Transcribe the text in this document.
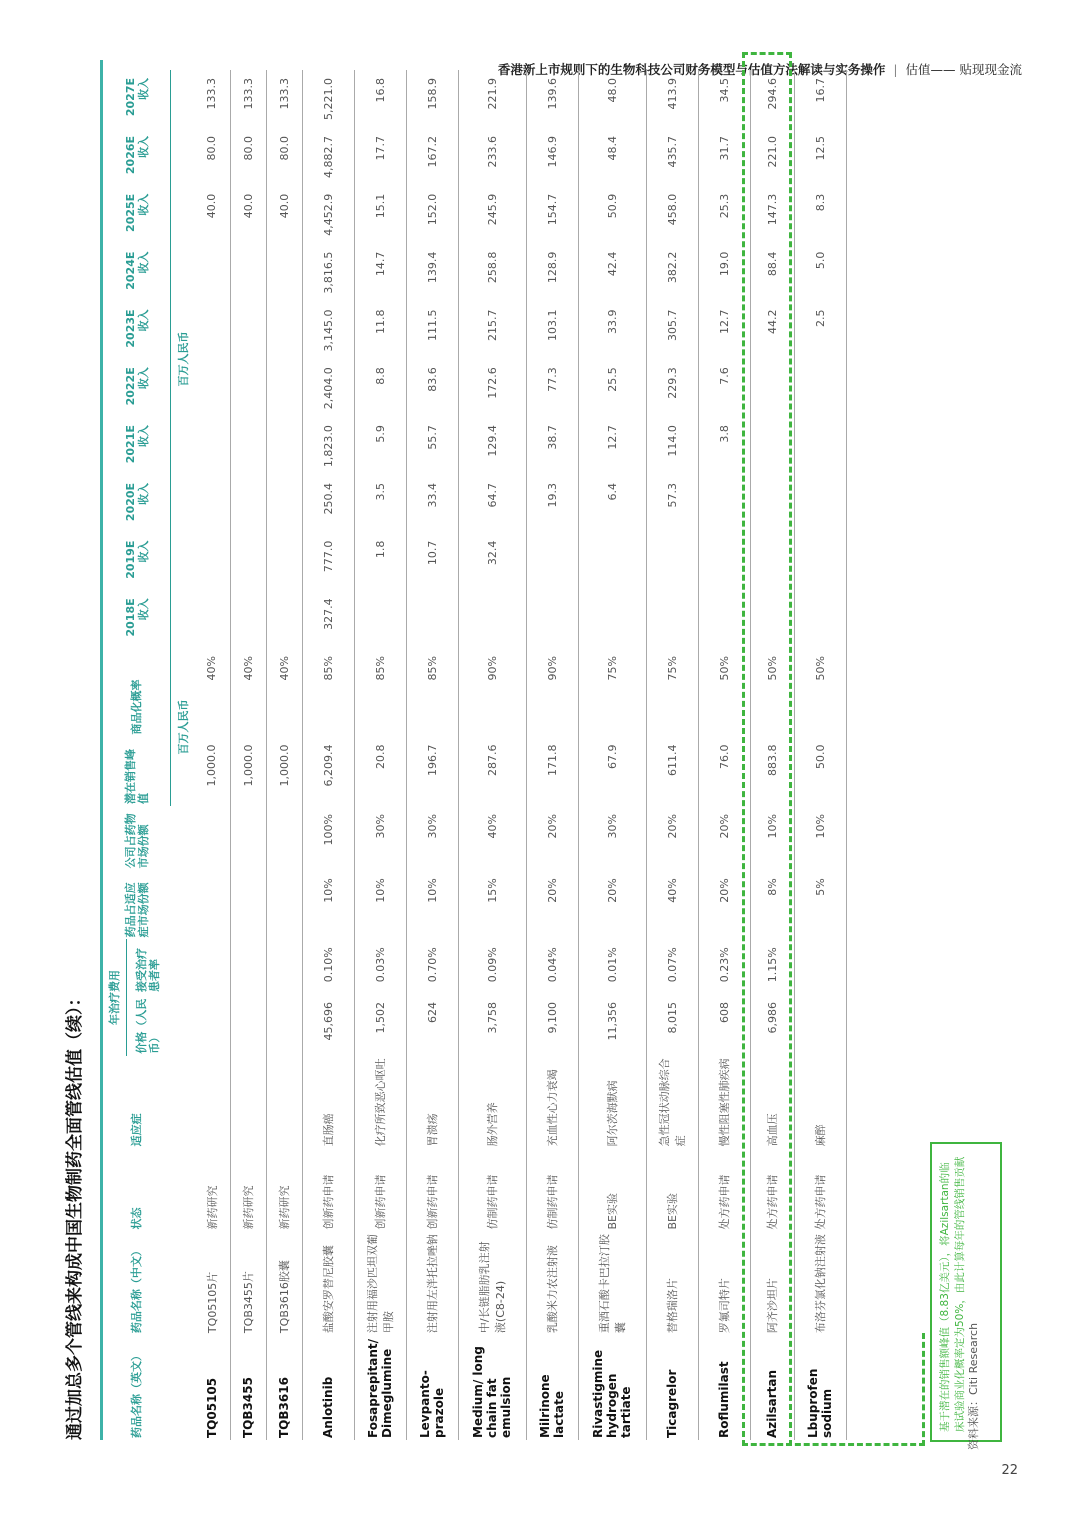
香港新上市规则下的生物科技公司财务模型与估值方法解读与实务操作 | 估值—— 贴现现金流
通过加总多个管线来构成中国生物制药全面管线估值（续）：	药品名称（英文）	药品名称（中文）	状态	适应症	年治疗费用		药品占适应症市场份额	公司占药物市场份额	潜在销售峰值	商品化概率	2018E 收入	2019E 收入	2020E 收入	2021E 收入	2022E 收入	2023E 收入	2024E 收入	2025E 收入	2026E 收入	2027E 收入
				价格（人民币）	接受治疗患者率														
								百万人民币		百万人民币									
TQ05105	TQ05105片	新药研究						1,000.0	40%								40.0	80.0	133.3
TQB3455	TQB3455片	新药研究						1,000.0	40%								40.0	80.0	133.3
TQB3616	TQB3616胶囊	新药研究						1,000.0	40%								40.0	80.0	133.3
Anlotinib	盐酸安罗替尼胶囊	创新药申请	直肠癌	45,696	0.10%	10%	100%	6,209.4	85%	327.4	777.0	250.4	1,823.0	2,404.0	3,145.0	3,816.5	4,452.9	4,882.7	5,221.0
Fosaprepitant/ Dimeglumine	注射用福沙匹坦双葡甲胺	创新药申请	化疗所致恶心呕吐	1,502	0.03%	10%	30%	20.8	85%		1.8	3.5	5.9	8.8	11.8	14.7	15.1	17.7	16.8
Levpanto-prazole	注射用左泮托拉唑钠	创新药申请	胃溃疡	624	0.70%	10%	30%	196.7	85%		10.7	33.4	55.7	83.6	111.5	139.4	152.0	167.2	158.9
Medium/ long chain fat emulsion	中/长链脂肪乳注射液(C8-24)	仿制药申请	肠外营养	3,758	0.09%	15%	40%	287.6	90%		32.4	64.7	129.4	172.6	215.7	258.8	245.9	233.6	221.9
Milrinone lactate	乳酸米力农注射液	仿制药申请	充血性心力衰竭	9,100	0.04%	20%	20%	171.8	90%			19.3	38.7	77.3	103.1	128.9	154.7	146.9	139.6
Rivastigmine hydrogen tartiate	重酒石酸卡巴拉汀胶囊	BE实验	阿尔茨海默病	11,356	0.01%	20%	30%	67.9	75%			6.4	12.7	25.5	33.9	42.4	50.9	48.4	48.0
Ticagrelor	替格瑞洛片	BE实验	急性冠状动脉综合症	8,015	0.07%	40%	20%	611.4	75%			57.3	114.0	229.3	305.7	382.2	458.0	435.7	413.9
Roflumilast	罗氟司特片	处方药申请	慢性阻塞性肺疾病	608	0.23%	20%	20%	76.0	50%				3.8	7.6	12.7	19.0	25.3	31.7	34.5
Azilsartan	阿齐沙坦片	处方药申请	高血压	6,986	1.15%	8%	10%	883.8	50%						44.2	88.4	147.3	221.0	294.6
Lbuprofen sodium	布洛芬氯化钠注射液	处方药申请	麻醉			5%	10%	50.0	50%						2.5	5.0	8.3	12.5	16.7
基于潜在的销售额峰值（8.83亿美元），将Azilsartan的临床试验商业化概率定为50%，由此计算每年的管线销售贡献 资料来源：Citi Research
22
